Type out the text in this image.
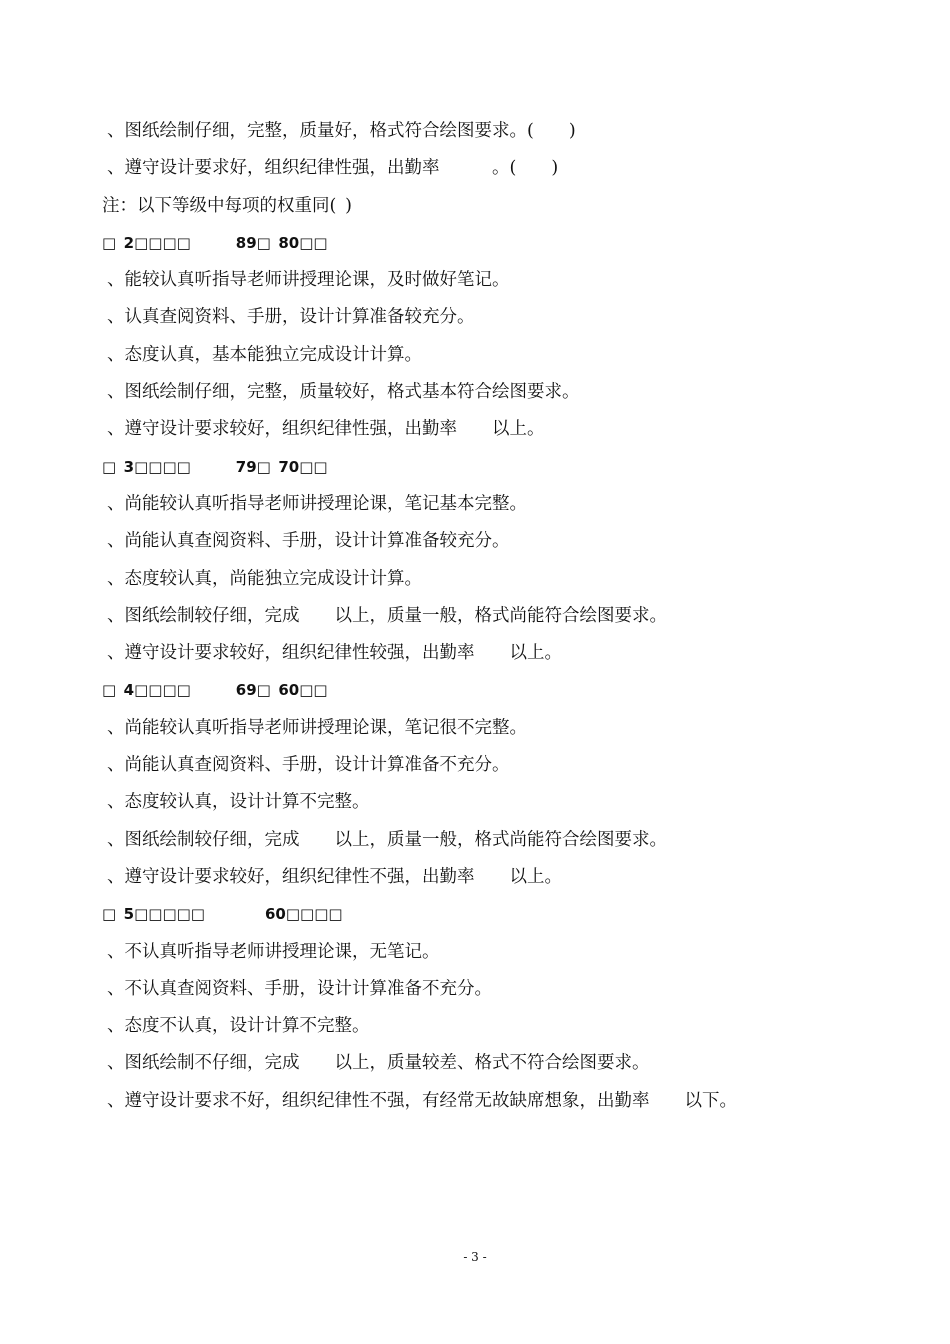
、图纸绘制仔细，完整，质量好，格式符合绘图要求。(　　)
、遵守设计要求好，组织纪律性强，出勤率　　　。(　　)
注：以下等级中每项的权重同( )
□ 2□□□□   89□ 80□□
、能较认真听指导老师讲授理论课，及时做好笔记。
、认真查阅资料、手册，设计计算准备较充分。
、态度认真，基本能独立完成设计计算。
、图纸绘制仔细，完整，质量较好，格式基本符合绘图要求。
、遵守设计要求较好，组织纪律性强，出勤率　　以上。
□ 3□□□□   79□ 70□□
、尚能较认真听指导老师讲授理论课，笔记基本完整。
、尚能认真查阅资料、手册，设计计算准备较充分。
、态度较认真，尚能独立完成设计计算。
、图纸绘制较仔细，完成　　以上，质量一般，格式尚能符合绘图要求。
、遵守设计要求较好，组织纪律性较强，出勤率　　以上。
□ 4□□□□   69□ 60□□
、尚能较认真听指导老师讲授理论课，笔记很不完整。
、尚能认真查阅资料、手册，设计计算准备不充分。
、态度较认真，设计计算不完整。
、图纸绘制较仔细，完成　　以上，质量一般，格式尚能符合绘图要求。
、遵守设计要求较好，组织纪律性不强，出勤率　　以上。
□ 5□□□□□    60□□□□
、不认真听指导老师讲授理论课，无笔记。
、不认真查阅资料、手册，设计计算准备不充分。
、态度不认真，设计计算不完整。
、图纸绘制不仔细，完成　　以上，质量较差、格式不符合绘图要求。
、遵守设计要求不好，组织纪律性不强，有经常无故缺席想象，出勤率　　以下。
- 3 -
